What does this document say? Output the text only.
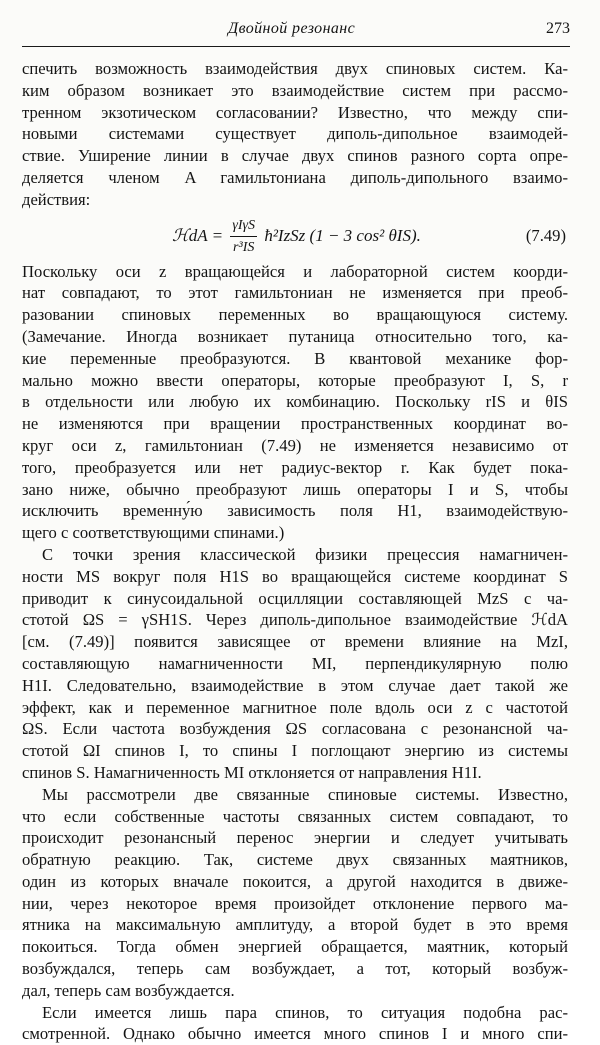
Двойной резонанс	273
спечить возможность взаимодействия двух спиновых систем. Ка-
ким образом возникает это взаимодействие систем при рассмо-
тренном экзотическом согласовании? Известно, что между спи-
новыми системами существует диполь-дипольное взаимодей-
ствие. Уширение линии в случае двух спинов разного сорта опре-
деляется членом A гамильтониана диполь-дипольного взаимо-
действия:
ℋdA = $\frac{\text{γIγS}}{\text{r³IS}}$ ħ²IzSz (1 − 3 cos² θIS).	(7.49)
Поскольку оси z вращающейся и лабораторной систем коорди-
нат совпадают, то этот гамильтониан не изменяется при преоб-
разовании спиновых переменных во вращающуюся систему.
(Замечание. Иногда возникает путаница относительно того, ка-
кие переменные преобразуются. В квантовой механике фор-
мально можно ввести операторы, которые преобразуют I, S, r
в отдельности или любую их комбинацию. Поскольку rIS и θIS
не изменяются при вращении пространственных координат во-
круг оси z, гамильтониан (7.49) не изменяется независимо от
того, преобразуется или нет радиус-вектор r. Как будет пока-
зано ниже, обычно преобразуют лишь операторы I и S, чтобы
исключить временну́ю зависимость поля H1, взаимодействую-
щего с соответствующими спинами.)
С точки зрения классической физики прецессия намагничен-
ности MS вокруг поля H1S во вращающейся системе координат S
приводит к синусоидальной осцилляции составляющей MzS с ча-
стотой ΩS = γSH1S. Через диполь-дипольное взаимодействие ℋdA
[см. (7.49)] появится зависящее от времени влияние на MzI,
составляющую намагниченности MI, перпендикулярную полю
H1I. Следовательно, взаимодействие в этом случае дает такой же
эффект, как и переменное магнитное поле вдоль оси z с частотой
ΩS. Если частота возбуждения ΩS согласована с резонансной ча-
стотой ΩI спинов I, то спины I поглощают энергию из системы
спинов S. Намагниченность MI отклоняется от направления H1I.
Мы рассмотрели две связанные спиновые системы. Известно,
что если собственные частоты связанных систем совпадают, то
происходит резонансный перенос энергии и следует учитывать
обратную реакцию. Так, системе двух связанных маятников,
один из которых вначале покоится, а другой находится в движе-
нии, через некоторое время произойдет отклонение первого ма-
ятника на максимальную амплитуду, а второй будет в это время
покоиться. Тогда обмен энергией обращается, маятник, который
возбуждался, теперь сам возбуждает, а тот, который возбуж-
дал, теперь сам возбуждается.
Если имеется лишь пара спинов, то ситуация подобна рас-
смотренной. Однако обычно имеется много спинов I и много спи-
